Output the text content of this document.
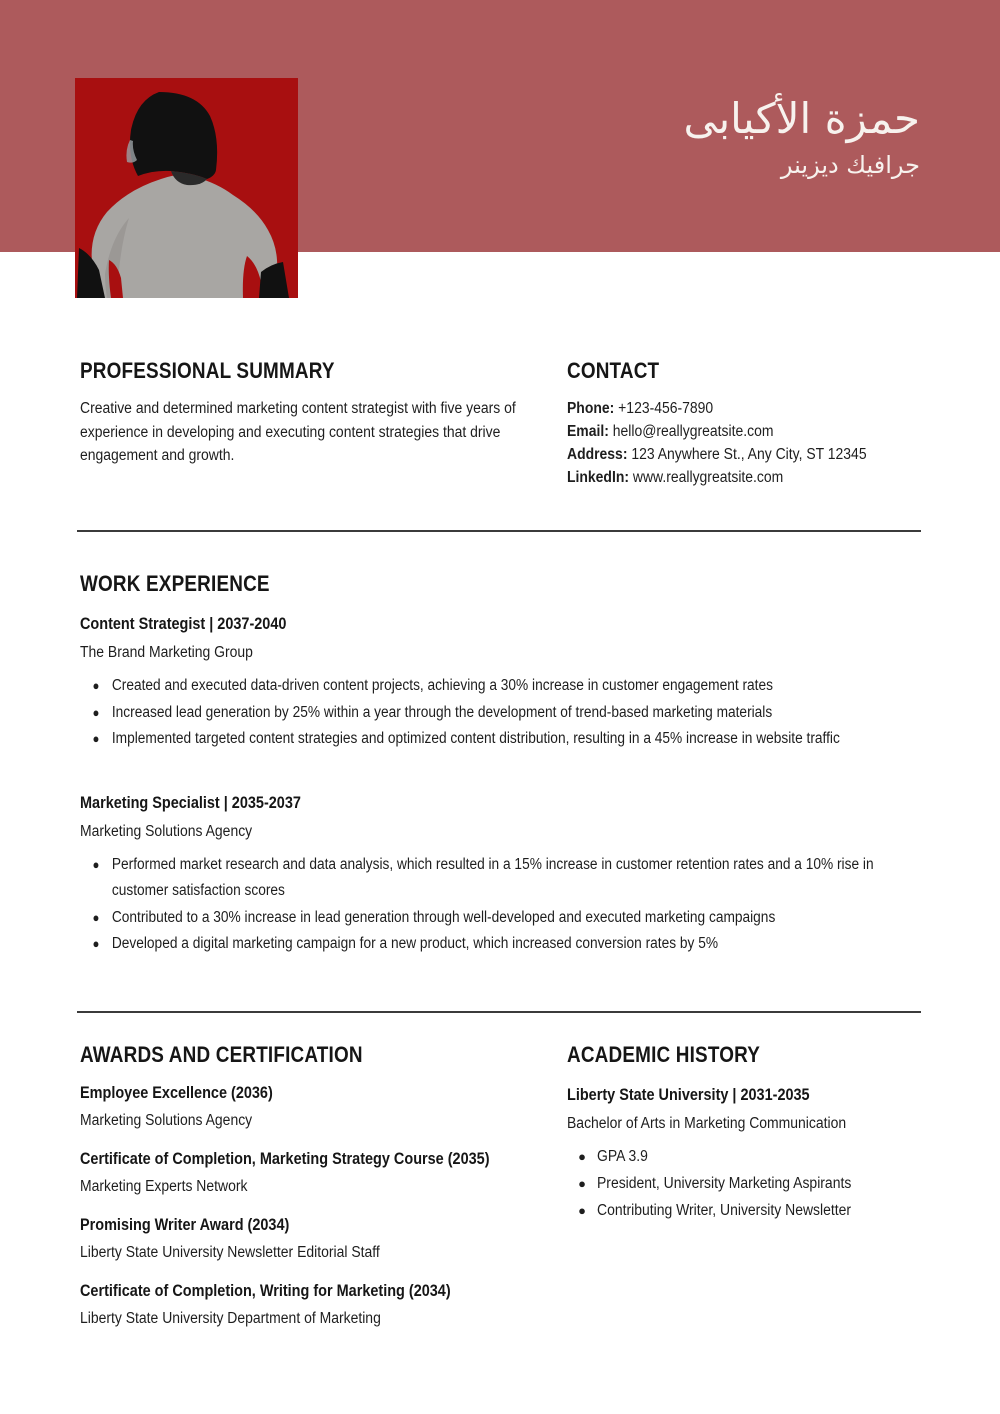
حمزة الأكيابى
جرافيك ديزينر
PROFESSIONAL SUMMARY
Creative and determined marketing content strategist with five years of experience in developing and executing content strategies that drive engagement and growth.
CONTACT
Phone : +123-456-7890
Email : hello@reallygreatsite.com
Address : 123 Anywhere St., Any City, ST 12345
LinkedIn : www.reallygreatsite.com
WORK EXPERIENCE
Content Strategist | 2037-2040
The Brand Marketing Group
● Created and executed data-driven content projects, achieving a 30% increase in customer engagement rates
● Increased lead generation by 25% within a year through the development of trend-based marketing materials
● Implemented targeted content strategies and optimized content distribution, resulting in a 45% increase in website traffic
Marketing Specialist | 2035-2037
Marketing Solutions Agency
● Performed market research and data analysis, which resulted in a 15% increase in customer retention rates and a 10% rise in customer satisfaction scores
● Contributed to a 30% increase in lead generation through well-developed and executed marketing campaigns
● Developed a digital marketing campaign for a new product, which increased conversion rates by 5%
AWARDS AND CERTIFICATION
Employee Excellence (2036)
Marketing Solutions Agency
Certificate of Completion, Marketing Strategy Course (2035)
Marketing Experts Network
Promising Writer Award (2034)
Liberty State University Newsletter Editorial Staff
Certificate of Completion, Writing for Marketing (2034)
Liberty State University Department of Marketing
ACADEMIC HISTORY
Liberty State University | 2031-2035
Bachelor of Arts in Marketing Communication
● GPA 3.9
● President, University Marketing Aspirants
● Contributing Writer, University Newsletter
